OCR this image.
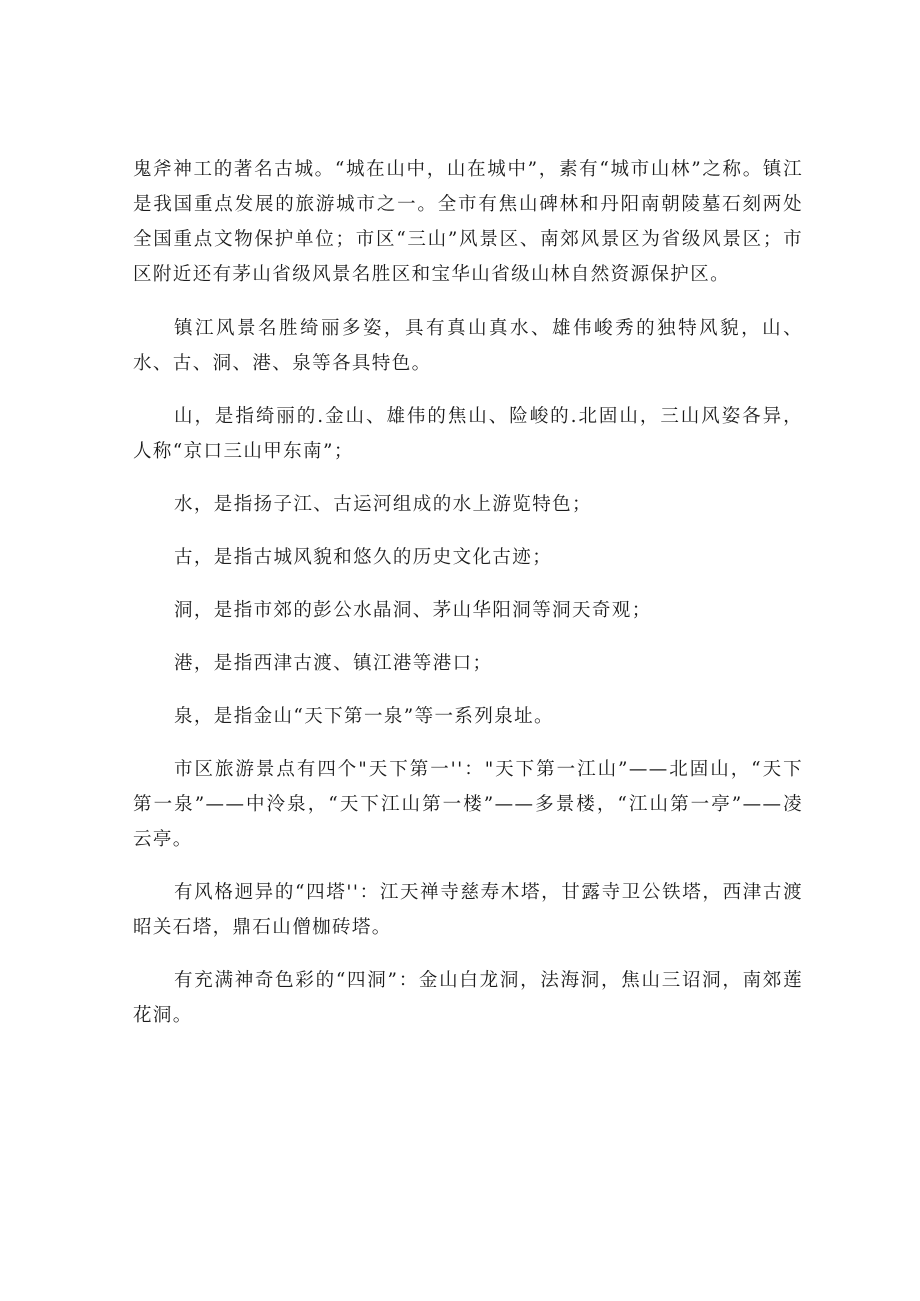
鬼斧神工的著名古城。“城在山中，山在城中”，素有“城市山林”之称。镇江是我国重点发展的旅游城市之一。全市有焦山碑林和丹阳南朝陵墓石刻两处全国重点文物保护单位；市区“三山”风景区、南郊风景区为省级风景区；市区附近还有茅山省级风景名胜区和宝华山省级山林自然资源保护区。

镇江风景名胜绮丽多姿，具有真山真水、雄伟峻秀的独特风貌，山、水、古、洞、港、泉等各具特色。

山，是指绮丽的.金山、雄伟的焦山、险峻的.北固山，三山风姿各异，人称“京口三山甲东南”；

水，是指扬子江、古运河组成的水上游览特色；

古，是指古城风貌和悠久的历史文化古迹；

洞，是指市郊的彭公水晶洞、茅山华阳洞等洞天奇观；

港，是指西津古渡、镇江港等港口；

泉，是指金山“天下第一泉”等一系列泉址。

市区旅游景点有四个"天下第一''："天下第一江山”——北固山，“天下第一泉”——中泠泉，“天下江山第一楼”——多景楼，“江山第一亭”——凌云亭。

有风格迥异的“四塔''：江天禅寺慈寿木塔，甘露寺卫公铁塔，西津古渡昭关石塔，鼎石山僧枷砖塔。

有充满神奇色彩的“四洞”：金山白龙洞，法海洞，焦山三诏洞，南郊莲花洞。
